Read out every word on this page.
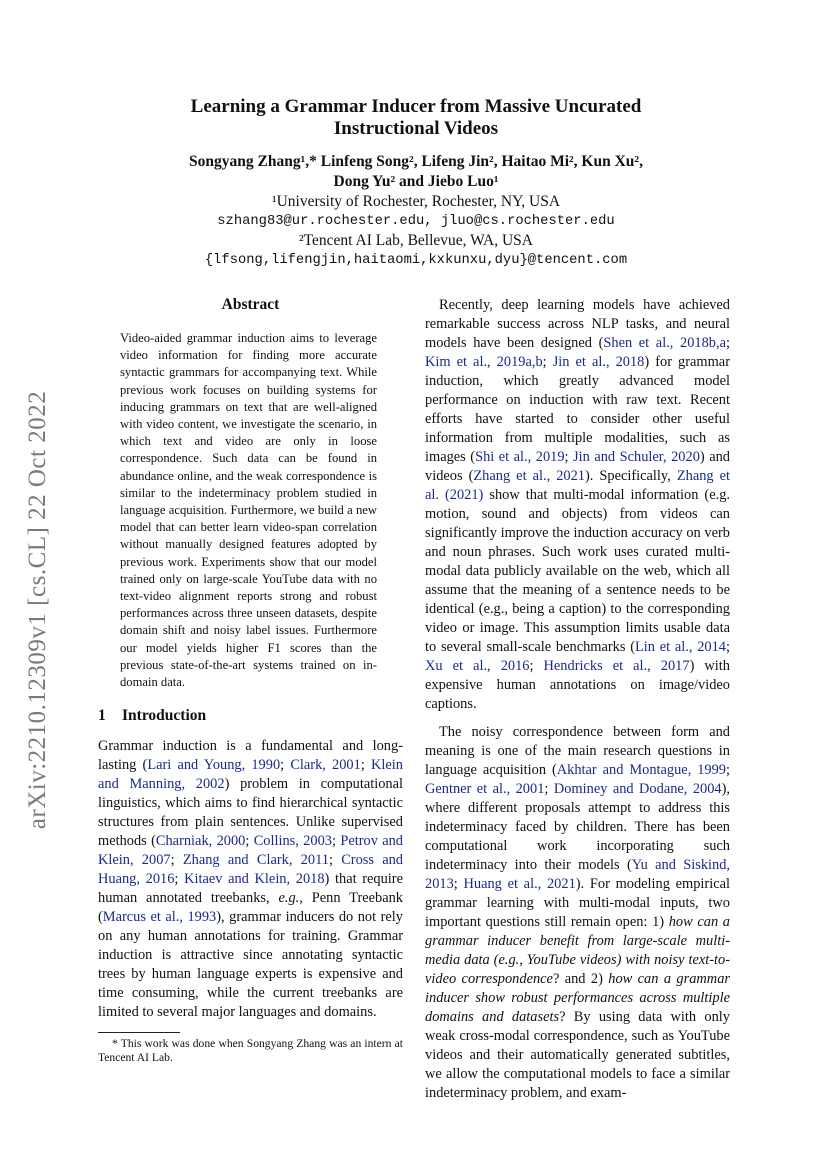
arXiv:2210.12309v1 [cs.CL] 22 Oct 2022
Learning a Grammar Inducer from Massive Uncurated
Instructional Videos
Songyang Zhang¹,* Linfeng Song², Lifeng Jin², Haitao Mi², Kun Xu²,
Dong Yu² and Jiebo Luo¹
¹University of Rochester, Rochester, NY, USA
szhang83@ur.rochester.edu, jluo@cs.rochester.edu
²Tencent AI Lab, Bellevue, WA, USA
{lfsong,lifengjin,haitaomi,kxkunxu,dyu}@tencent.com
Abstract
Video-aided grammar induction aims to leverage video information for finding more accurate syntactic grammars for accompanying text. While previous work focuses on building systems for inducing grammars on text that are well-aligned with video content, we investigate the scenario, in which text and video are only in loose correspondence. Such data can be found in abundance online, and the weak correspondence is similar to the indeterminacy problem studied in language acquisition. Furthermore, we build a new model that can better learn video-span correlation without manually designed features adopted by previous work. Experiments show that our model trained only on large-scale YouTube data with no text-video alignment reports strong and robust performances across three unseen datasets, despite domain shift and noisy label issues. Furthermore our model yields higher F1 scores than the previous state-of-the-art systems trained on in-domain data.
1 Introduction

Grammar induction is a fundamental and long-lasting (Lari and Young, 1990; Clark, 2001; Klein and Manning, 2002) problem in computational linguistics, which aims to find hierarchical syntactic structures from plain sentences. Unlike supervised methods (Charniak, 2000; Collins, 2003; Petrov and Klein, 2007; Zhang and Clark, 2011; Cross and Huang, 2016; Kitaev and Klein, 2018) that require human annotated treebanks, e.g., Penn Treebank (Marcus et al., 1993), grammar inducers do not rely on any human annotations for training. Grammar induction is attractive since annotating syntactic trees by human language experts is expensive and time consuming, while the current treebanks are limited to several major languages and domains.

* This work was done when Songyang Zhang was an intern at Tencent AI Lab.

Recently, deep learning models have achieved remarkable success across NLP tasks, and neural models have been designed (Shen et al., 2018b,a; Kim et al., 2019a,b; Jin et al., 2018) for grammar induction, which greatly advanced model performance on induction with raw text. Recent efforts have started to consider other useful information from multiple modalities, such as images (Shi et al., 2019; Jin and Schuler, 2020) and videos (Zhang et al., 2021). Specifically, Zhang et al. (2021) show that multi-modal information (e.g. motion, sound and objects) from videos can significantly improve the induction accuracy on verb and noun phrases. Such work uses curated multi-modal data publicly available on the web, which all assume that the meaning of a sentence needs to be identical (e.g., being a caption) to the corresponding video or image. This assumption limits usable data to several small-scale benchmarks (Lin et al., 2014; Xu et al., 2016; Hendricks et al., 2017) with expensive human annotations on image/video captions.

The noisy correspondence between form and meaning is one of the main research questions in language acquisition (Akhtar and Montague, 1999; Gentner et al., 2001; Dominey and Dodane, 2004), where different proposals attempt to address this indeterminacy faced by children. There has been computational work incorporating such indeterminacy into their models (Yu and Siskind, 2013; Huang et al., 2021). For modeling empirical grammar learning with multi-modal inputs, two important questions still remain open: 1) how can a grammar inducer benefit from large-scale multi-media data (e.g., YouTube videos) with noisy text-to-video correspondence? and 2) how can a grammar inducer show robust performances across multiple domains and datasets? By using data with only weak cross-modal correspondence, such as YouTube videos and their automatically generated subtitles, we allow the computational models to face a similar indeterminacy problem, and exam-
